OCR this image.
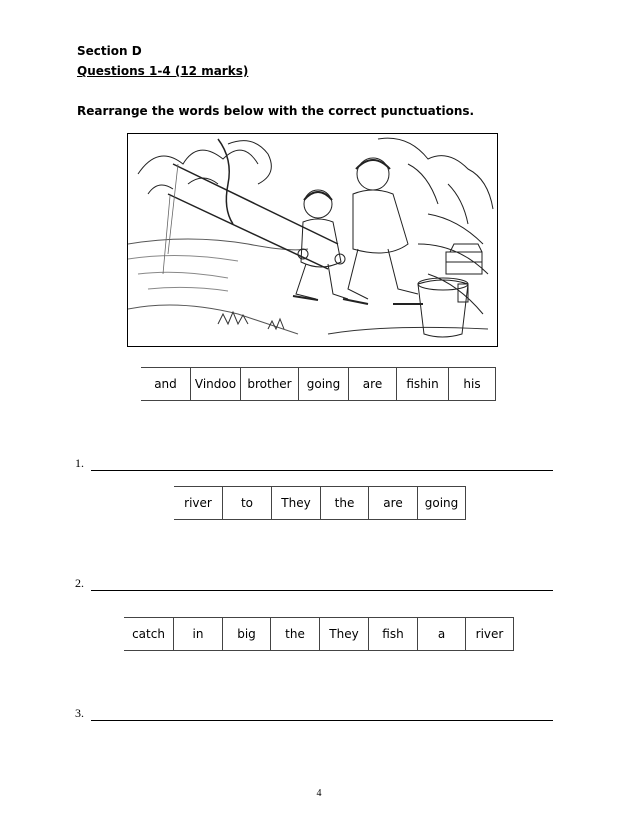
Section D
Questions 1-4 (12 marks)
Rearrange the words below with the correct punctuations.
and	Vindoo brother	going	are	fishin	his
1.
river	to	They	the	are	going
2.
catch	in	big	the	They	fish	a	river
3.
4
